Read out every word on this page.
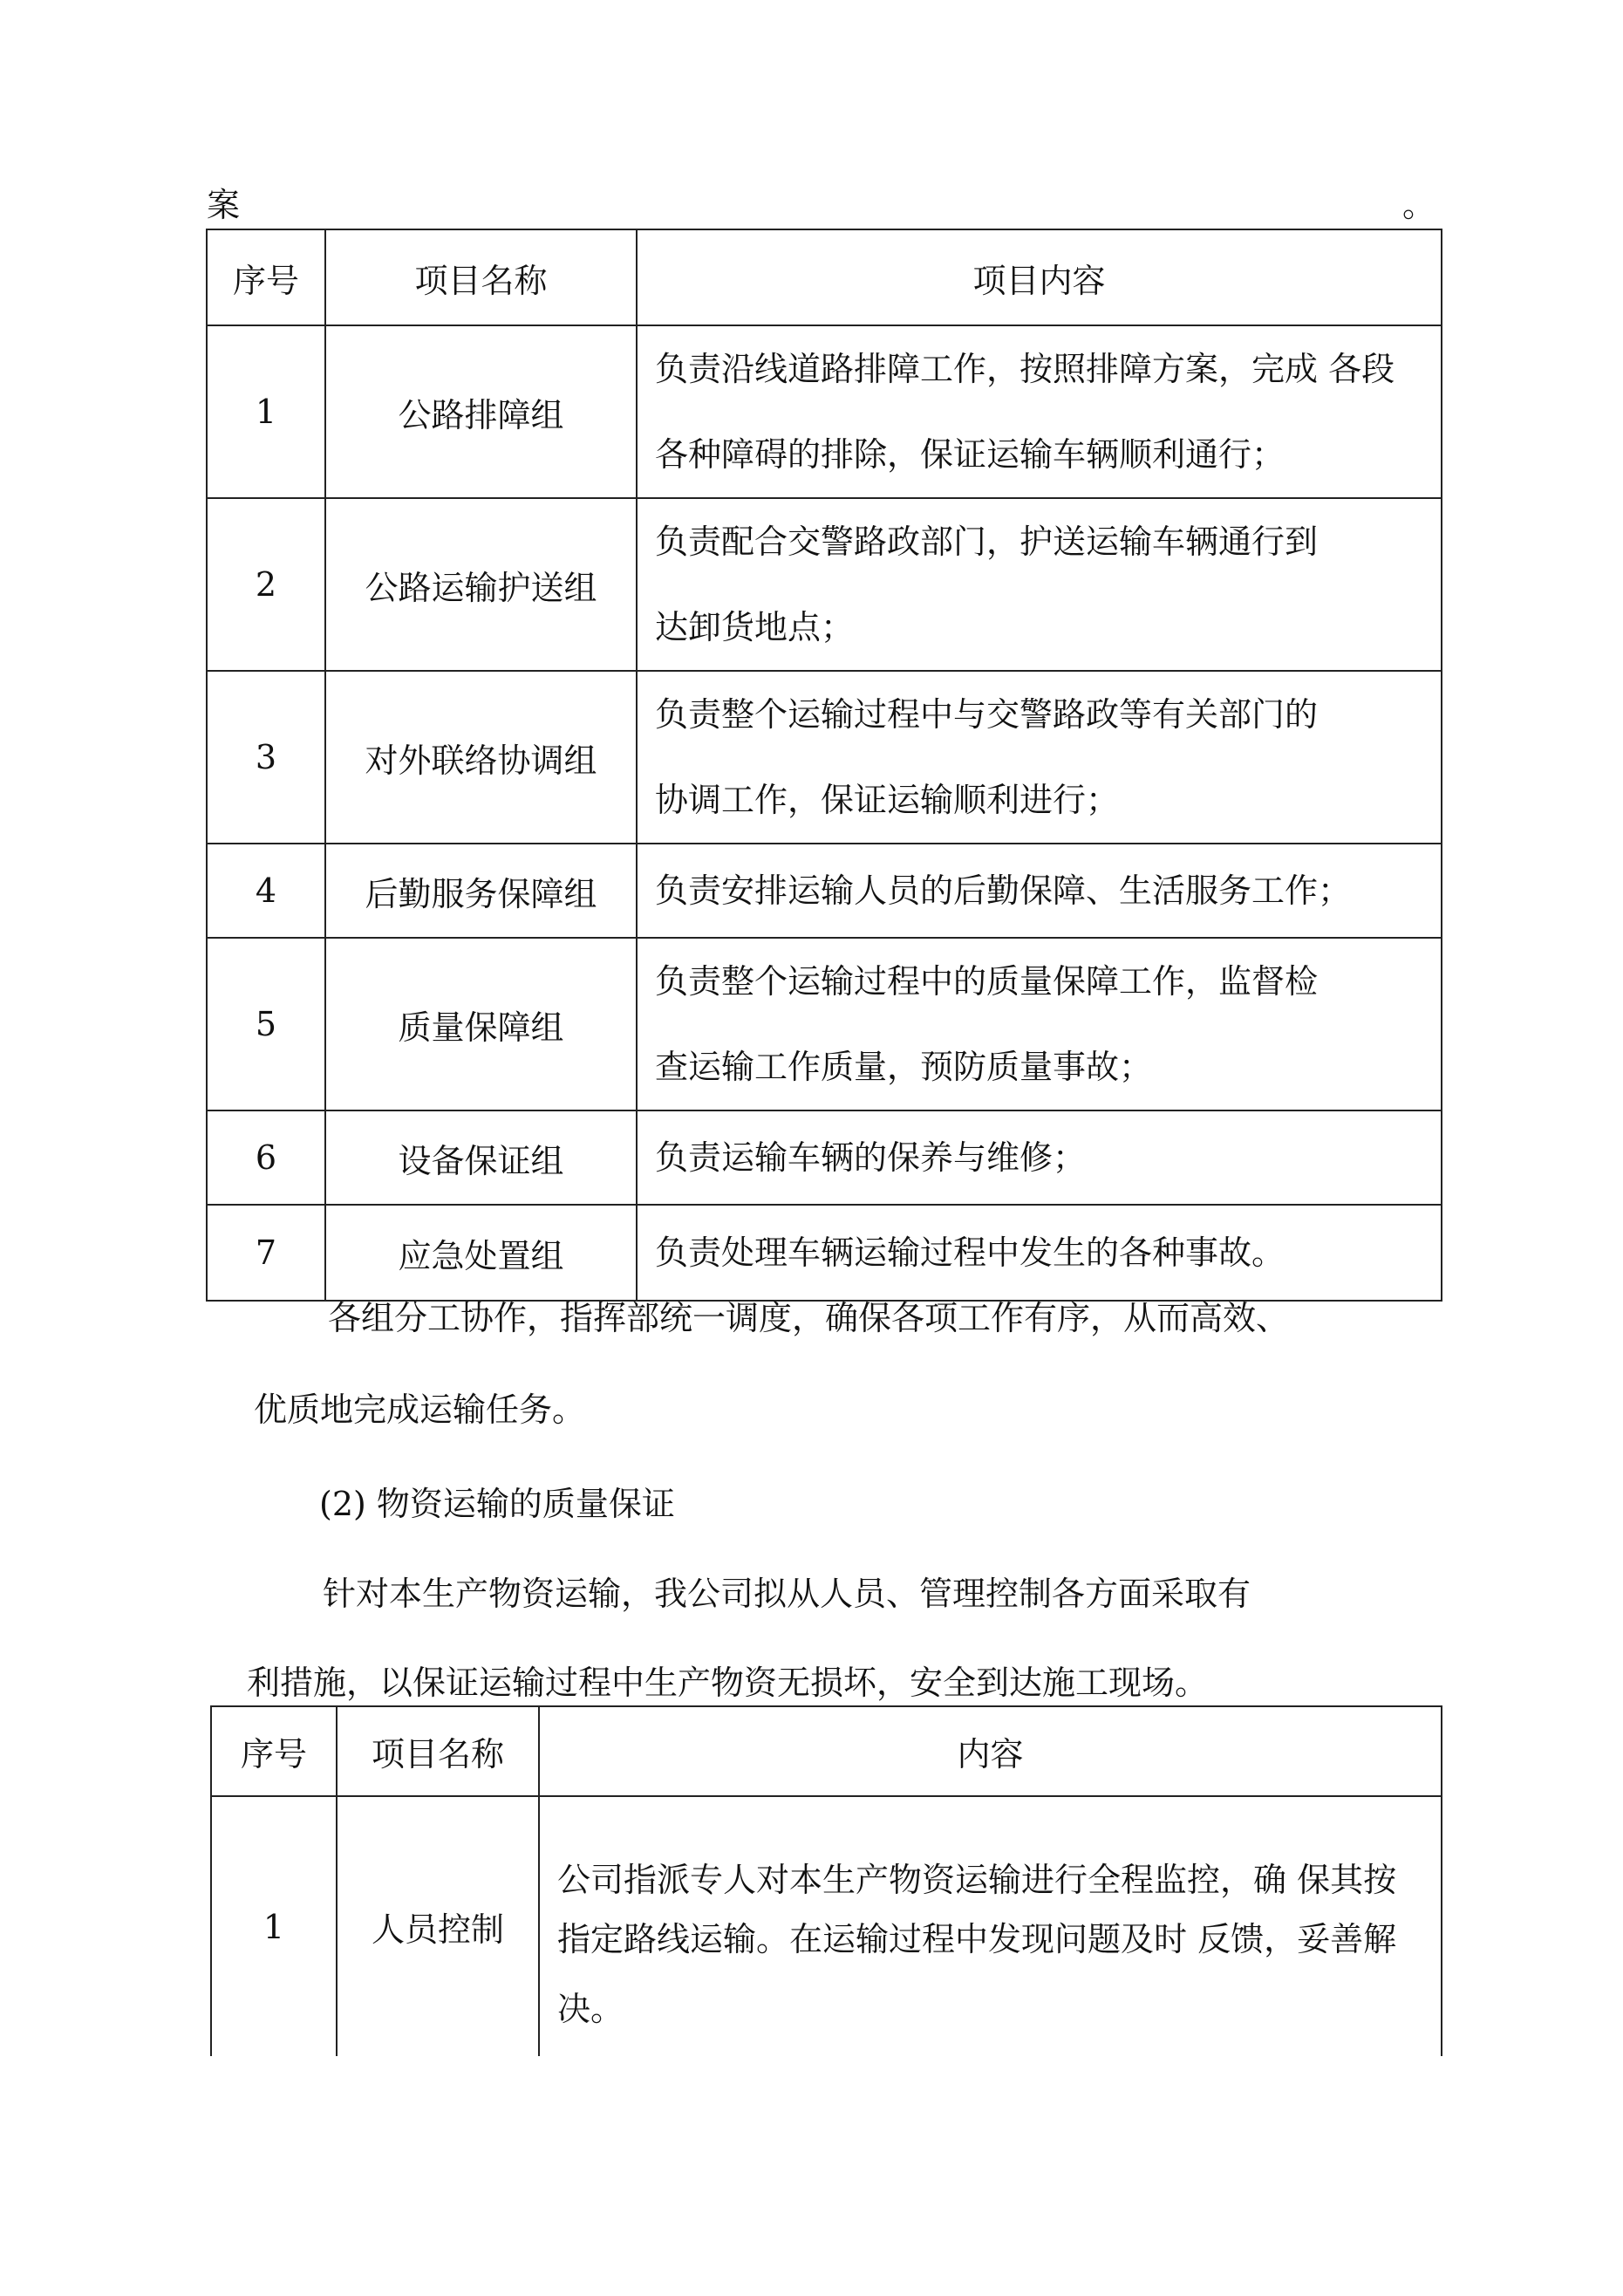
案	。
序号	项目名称	项目内容
1	公路排障组	负责沿线道路排障工作，按照排障方案，完成 各段
各种障碍的排除，保证运输车辆顺利通行；

2	公路运输护送组	负责配合交警路政部门，护送运输车辆通行到
达卸货地点；

3	对外联络协调组	负责整个运输过程中与交警路政等有关部门的
协调工作，保证运输顺利进行；

4	后勤服务保障组	负责安排运输人员的后勤保障、生活服务工作；

5	质量保障组	负责整个运输过程中的质量保障工作，监督检
查运输工作质量，预防质量事故；

6	设备保证组	负责运输车辆的保养与维修；

7	应急处置组	负责处理车辆运输过程中发生的各种事故。
各组分工协作，指挥部统一调度，确保各项工作有序，从而高效、
优质地完成运输任务。
(2) 物资运输的质量保证
针对本生产物资运输，我公司拟从人员、管理控制各方面采取有
利措施，以保证运输过程中生产物资无损坏，安全到达施工现场。
序号	项目名称	内容
1	人员控制	公司指派专人对本生产物资运输进行全程监控，确 保其按
指定路线运输。在运输过程中发现问题及时 反馈，妥善解
决。
